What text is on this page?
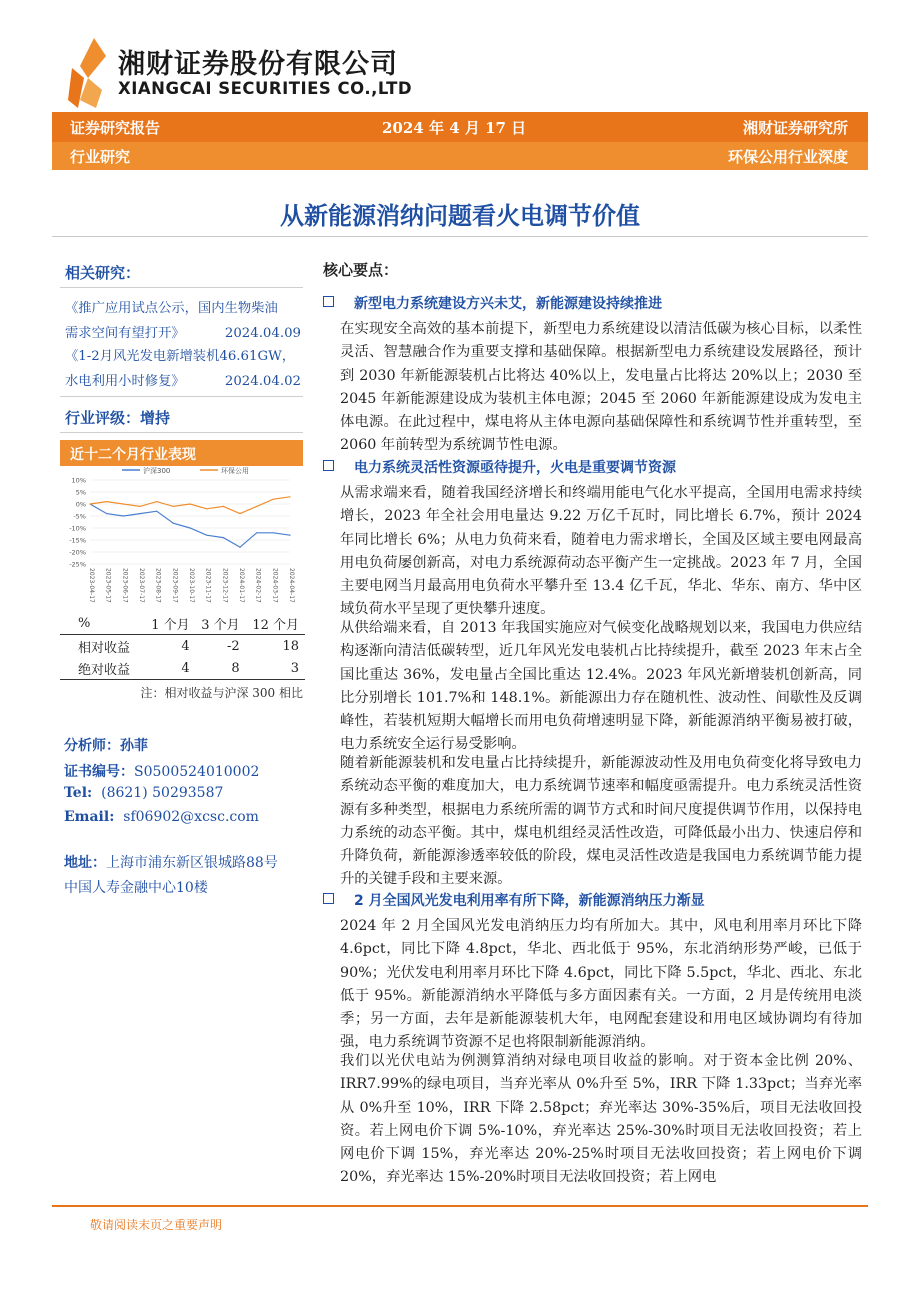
湘财证券股份有限公司
XIANGCAI SECURITIES CO.,LTD
证券研究报告	2024 年 4 月 17 日	湘财证券研究所
行业研究	环保公用行业深度
从新能源消纳问题看火电调节价值
相关研究：
《推广应用试点公示，国内生物柴油
需求空间有望打开》	2024.04.09
《1-2月风光发电新增装机46.61GW，
水电利用小时修复》	2024.04.02
行业评级：增持
近十二个月行业表现
沪深300	环保公用
10%
5%
0%
-5%
-10%
-15%
-20%
-25%
2023-04-17 2023-05-17 2023-06-17 2023-07-17 2023-08-17 2023-09-17 2023-10-17 2023-11-17 2023-12-17 2024-01-17 2024-02-17 2024-03-17 2024-04-17
%	1 个月	3 个月	12 个月
相对收益	4	-2	18
绝对收益	4	8	3
注：相对收益与沪深 300 相比
分析师：孙菲
证书编号：S0500524010002
Tel: (8621) 50293587
Email: sf06902@xcsc.com
地址：上海市浦东新区银城路88号
中国人寿金融中心10楼
核心要点：
新型电力系统建设方兴未艾，新能源建设持续推进
在实现安全高效的基本前提下，新型电力系统建设以清洁低碳为核心目标，以柔性灵活、智慧融合作为重要支撑和基础保障。根据新型电力系统建设发展路径，预计到 2030 年新能源装机占比将达 40%以上，发电量占比将达 20%以上；2030 至 2045 年新能源建设成为装机主体电源；2045 至 2060 年新能源建设成为发电主体电源。在此过程中，煤电将从主体电源向基础保障性和系统调节性并重转型，至 2060 年前转型为系统调节性电源。
电力系统灵活性资源亟待提升，火电是重要调节资源
从需求端来看，随着我国经济增长和终端用能电气化水平提高，全国用电需求持续增长，2023 年全社会用电量达 9.22 万亿千瓦时，同比增长 6.7%，预计 2024 年同比增长 6%；从电力负荷来看，随着电力需求增长，全国及区域主要电网最高用电负荷屡创新高，对电力系统源荷动态平衡产生一定挑战。2023 年 7 月，全国主要电网当月最高用电负荷水平攀升至 13.4 亿千瓦，华北、华东、南方、华中区域负荷水平呈现了更快攀升速度。
从供给端来看，自 2013 年我国实施应对气候变化战略规划以来，我国电力供应结构逐渐向清洁低碳转型，近几年风光发电装机占比持续提升，截至 2023 年末占全国比重达 36%，发电量占全国比重达 12.4%。2023 年风光新增装机创新高，同比分别增长 101.7%和 148.1%。新能源出力存在随机性、波动性、间歇性及反调峰性，若装机短期大幅增长而用电负荷增速明显下降，新能源消纳平衡易被打破，电力系统安全运行易受影响。
随着新能源装机和发电量占比持续提升，新能源波动性及用电负荷变化将导致电力系统动态平衡的难度加大，电力系统调节速率和幅度亟需提升。电力系统灵活性资源有多种类型，根据电力系统所需的调节方式和时间尺度提供调节作用，以保持电力系统的动态平衡。其中，煤电机组经灵活性改造，可降低最小出力、快速启停和升降负荷，新能源渗透率较低的阶段，煤电灵活性改造是我国电力系统调节能力提升的关键手段和主要来源。
2 月全国风光发电利用率有所下降，新能源消纳压力渐显
2024 年 2 月全国风光发电消纳压力均有所加大。其中，风电利用率月环比下降 4.6pct，同比下降 4.8pct，华北、西北低于 95%，东北消纳形势严峻，已低于 90%；光伏发电利用率月环比下降 4.6pct，同比下降 5.5pct，华北、西北、东北低于 95%。新能源消纳水平降低与多方面因素有关。一方面，2 月是传统用电淡季；另一方面，去年是新能源装机大年，电网配套建设和用电区域协调均有待加强，电力系统调节资源不足也将限制新能源消纳。
我们以光伏电站为例测算消纳对绿电项目收益的影响。对于资本金比例 20%、IRR7.99%的绿电项目，当弃光率从 0%升至 5%，IRR 下降 1.33pct；当弃光率从 0%升至 10%，IRR 下降 2.58pct；弃光率达 30%-35%后，项目无法收回投资。若上网电价下调 5%-10%，弃光率达 25%-30%时项目无法收回投资；若上网电价下调 15%，弃光率达 20%-25%时项目无法收回投资；若上网电价下调 20%，弃光率达 15%-20%时项目无法收回投资；若上网电
敬请阅读末页之重要声明
